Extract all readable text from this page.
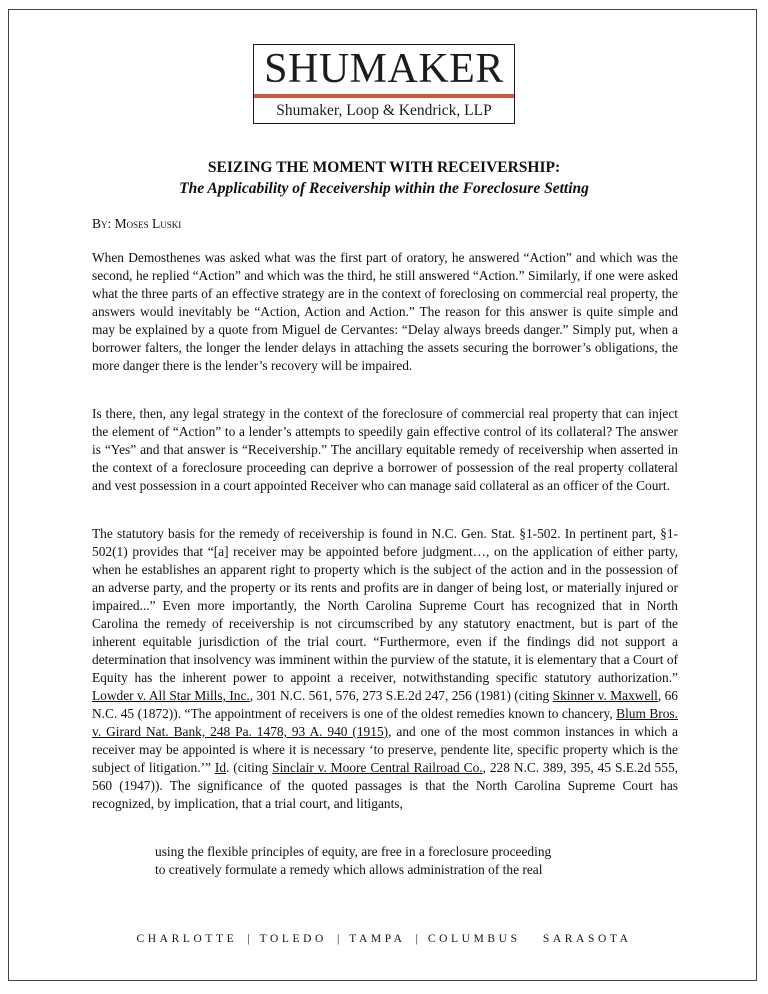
SHUMAKER
Shumaker, Loop & Kendrick, LLP
SEIZING THE MOMENT WITH RECEIVERSHIP:
The Applicability of Receivership within the Foreclosure Setting
By: Moses Luski

When Demosthenes was asked what was the first part of oratory, he answered “Action” and which was the second, he replied “Action” and which was the third, he still answered “Action.” Similarly, if one were asked what the three parts of an effective strategy are in the context of foreclosing on commercial real property, the answers would inevitably be “Action, Action and Action.” The reason for this answer is quite simple and may be explained by a quote from Miguel de Cervantes: “Delay always breeds danger.” Simply put, when a borrower falters, the longer the lender delays in attaching the assets securing the borrower’s obligations, the more danger there is the lender’s recovery will be impaired.

Is there, then, any legal strategy in the context of the foreclosure of commercial real property that can inject the element of “Action” to a lender’s attempts to speedily gain effective control of its collateral? The answer is “Yes” and that answer is “Receivership.” The ancillary equitable remedy of receivership when asserted in the context of a foreclosure proceeding can deprive a borrower of possession of the real property collateral and vest possession in a court appointed Receiver who can manage said collateral as an officer of the Court.

The statutory basis for the remedy of receivership is found in N.C. Gen. Stat. §1-502. In pertinent part, §1-502(1) provides that “[a] receiver may be appointed before judgment…, on the application of either party, when he establishes an apparent right to property which is the subject of the action and in the possession of an adverse party, and the property or its rents and profits are in danger of being lost, or materially injured or impaired...” Even more importantly, the North Carolina Supreme Court has recognized that in North Carolina the remedy of receivership is not circumscribed by any statutory enactment, but is part of the inherent equitable jurisdiction of the trial court. “Furthermore, even if the findings did not support a determination that insolvency was imminent within the purview of the statute, it is elementary that a Court of Equity has the inherent power to appoint a receiver, notwithstanding specific statutory authorization.” Lowder v. All Star Mills, Inc., 301 N.C. 561, 576, 273 S.E.2d 247, 256 (1981) (citing Skinner v. Maxwell, 66 N.C. 45 (1872)). “The appointment of receivers is one of the oldest remedies known to chancery, Blum Bros. v. Girard Nat. Bank, 248 Pa. 1478, 93 A. 940 (1915), and one of the most common instances in which a receiver may be appointed is where it is necessary ‘to preserve, pendente lite, specific property which is the subject of litigation.’” Id. (citing Sinclair v. Moore Central Railroad Co., 228 N.C. 389, 395, 45 S.E.2d 555, 560 (1947)). The significance of the quoted passages is that the North Carolina Supreme Court has recognized, by implication, that a trial court, and litigants,

using the flexible principles of equity, are free in a foreclosure proceeding

to creatively formulate a remedy which allows administration of the real

CHARLOTTE | TOLEDO | TAMPA | COLUMBUS SARASOTA
